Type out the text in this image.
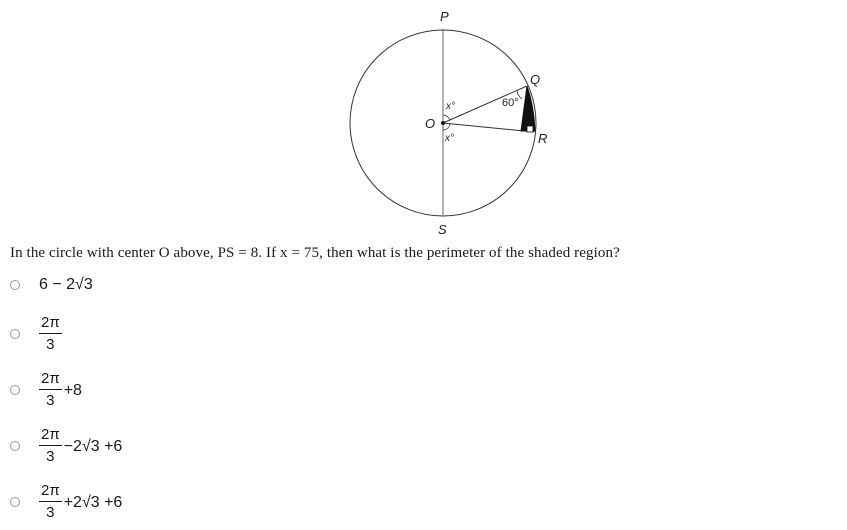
P
S
Q
R
O
x°
x°
60°
In the circle with center O above, PS = 8. If x = 75, then what is the perimeter of the shaded region?
6 − 2√3
$\frac{2\pi}{3}$
$\frac{2\pi}{3} +8$
$\frac{2\pi}{3} -2√3 +6$
$\frac{2\pi}{3} +2√3 +6$
